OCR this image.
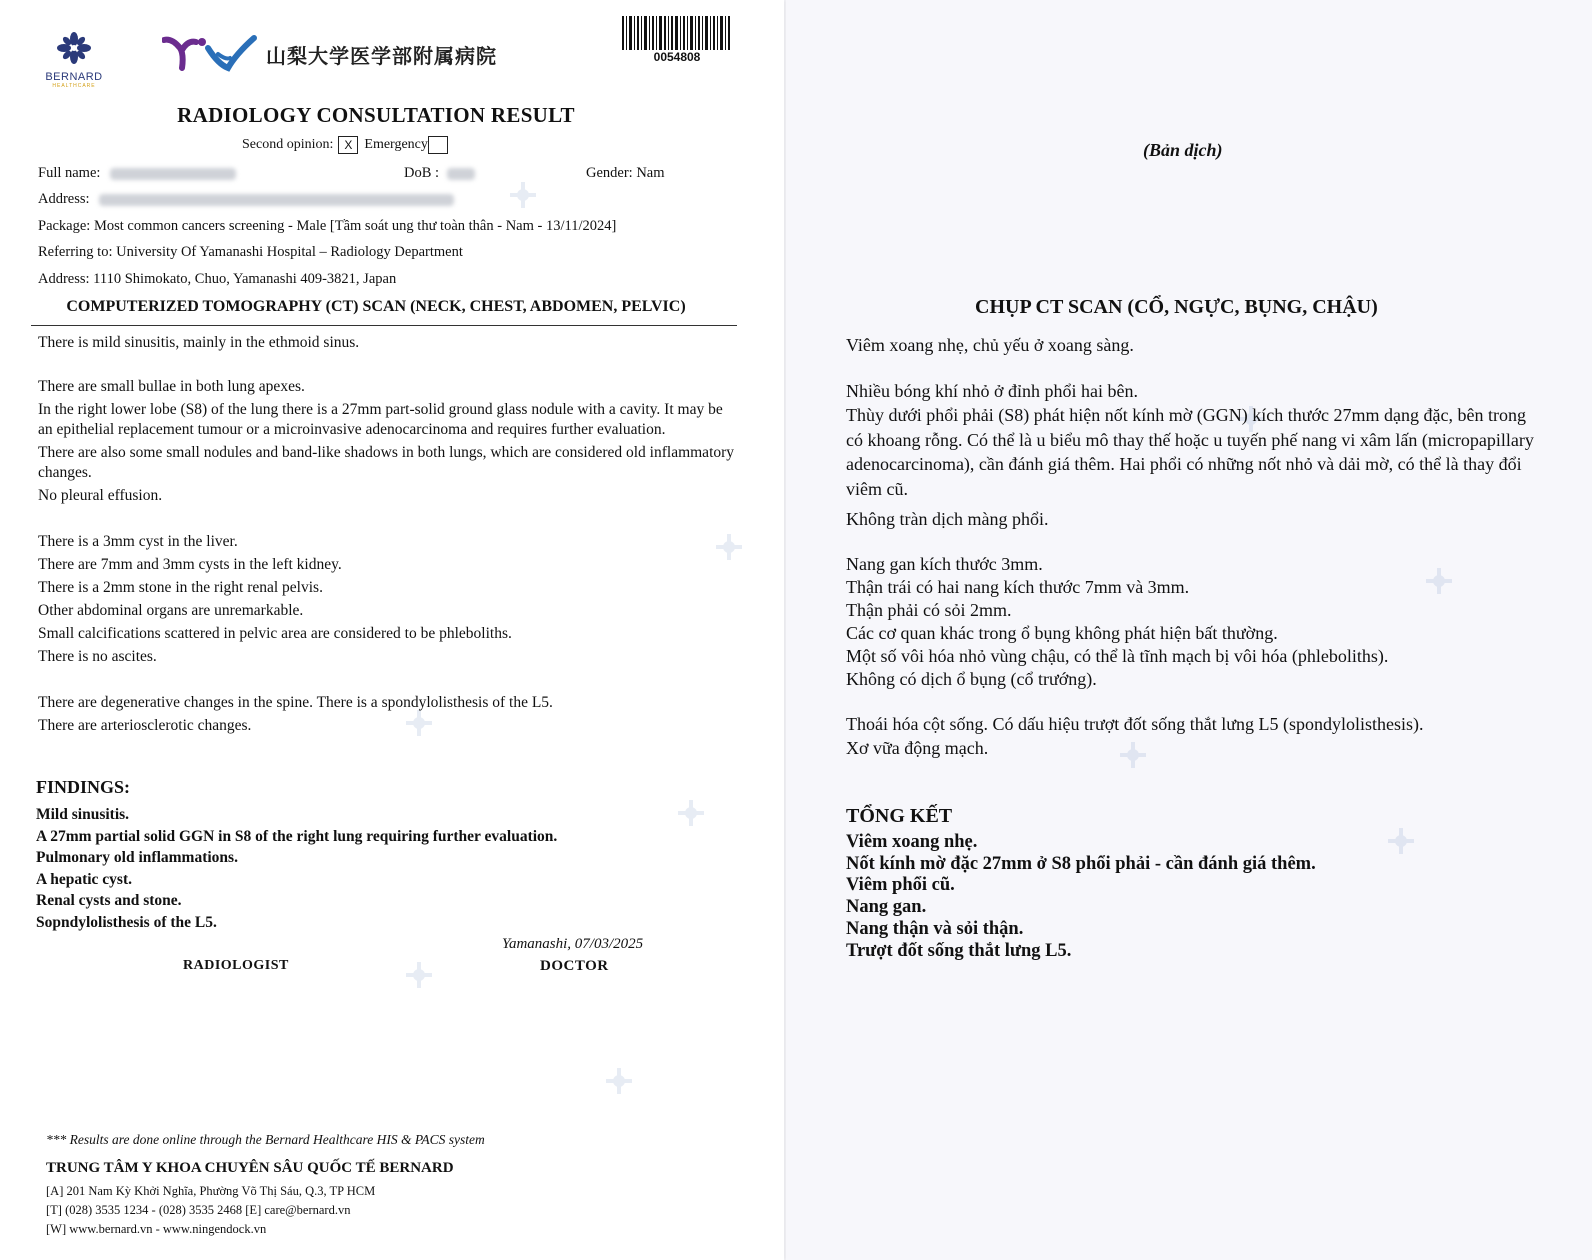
BERNARD
HEALTHCARE
山梨大学医学部附属病院	0054808
RADIOLOGY CONSULTATION RESULT
Second opinion: X Emergency
Full name:	DoB :	Gender: Nam
Address:
Package: Most common cancers screening - Male [Tầm soát ung thư toàn thân - Nam - 13/11/2024]
Referring to: University Of Yamanashi Hospital – Radiology Department
Address: 1110 Shimokato, Chuo, Yamanashi 409-3821, Japan
COMPUTERIZED TOMOGRAPHY (CT) SCAN (NECK, CHEST, ABDOMEN, PELVIC)

There is mild sinusitis, mainly in the ethmoid sinus.

There are small bullae in both lung apexes.

In the right lower lobe (S8) of the lung there is a 27mm part-solid ground glass nodule with a cavity. It may be an epithelial replacement tumour or a microinvasive adenocarcinoma and requires further evaluation.

There are also some small nodules and band-like shadows in both lungs, which are considered old inflammatory changes.

No pleural effusion.

There is a 3mm cyst in the liver.

There are 7mm and 3mm cysts in the left kidney.

There is a 2mm stone in the right renal pelvis.

Other abdominal organs are unremarkable.

Small calcifications scattered in pelvic area are considered to be phleboliths.

There is no ascites.

There are degenerative changes in the spine. There is a spondylolisthesis of the L5.

There are arteriosclerotic changes.

FINDINGS:
Mild sinusitis.
A 27mm partial solid GGN in S8 of the right lung requiring further evaluation.
Pulmonary old inflammations.
A hepatic cyst.
Renal cysts and stone.
Sopndylolisthesis of the L5.
Yamanashi, 07/03/2025
RADIOLOGIST	DOCTOR
*** Results are done online through the Bernard Healthcare HIS & PACS system
TRUNG TÂM Y KHOA CHUYÊN SÂU QUỐC TẾ BERNARD
[A] 201 Nam Kỳ Khởi Nghĩa, Phường Võ Thị Sáu, Q.3, TP HCM
[T] (028) 3535 1234 - (028) 3535 2468 [E] care@bernard.vn
[W] www.bernard.vn - www.ningendock.vn
(Bản dịch)
CHỤP CT SCAN (CỔ, NGỰC, BỤNG, CHẬU)

Viêm xoang nhẹ, chủ yếu ở xoang sàng.

Nhiều bóng khí nhỏ ở đỉnh phổi hai bên.

Thùy dưới phổi phải (S8) phát hiện nốt kính mờ (GGN) kích thước 27mm dạng đặc, bên trong có khoang rỗng. Có thể là u biểu mô thay thế hoặc u tuyến phế nang vi xâm lấn (micropapillary adenocarcinoma), cần đánh giá thêm. Hai phổi có những nốt nhỏ và dải mờ, có thể là thay đổi viêm cũ.

Không tràn dịch màng phổi.

Nang gan kích thước 3mm.

Thận trái có hai nang kích thước 7mm và 3mm.

Thận phải có sỏi 2mm.

Các cơ quan khác trong ổ bụng không phát hiện bất thường.

Một số vôi hóa nhỏ vùng chậu, có thể là tĩnh mạch bị vôi hóa (phleboliths).

Không có dịch ổ bụng (cổ trướng).

Thoái hóa cột sống. Có dấu hiệu trượt đốt sống thắt lưng L5 (spondylolisthesis).

Xơ vữa động mạch.

TỔNG KẾT
Viêm xoang nhẹ.
Nốt kính mờ đặc 27mm ở S8 phổi phải - cần đánh giá thêm.
Viêm phổi cũ.
Nang gan.
Nang thận và sỏi thận.
Trượt đốt sống thắt lưng L5.
